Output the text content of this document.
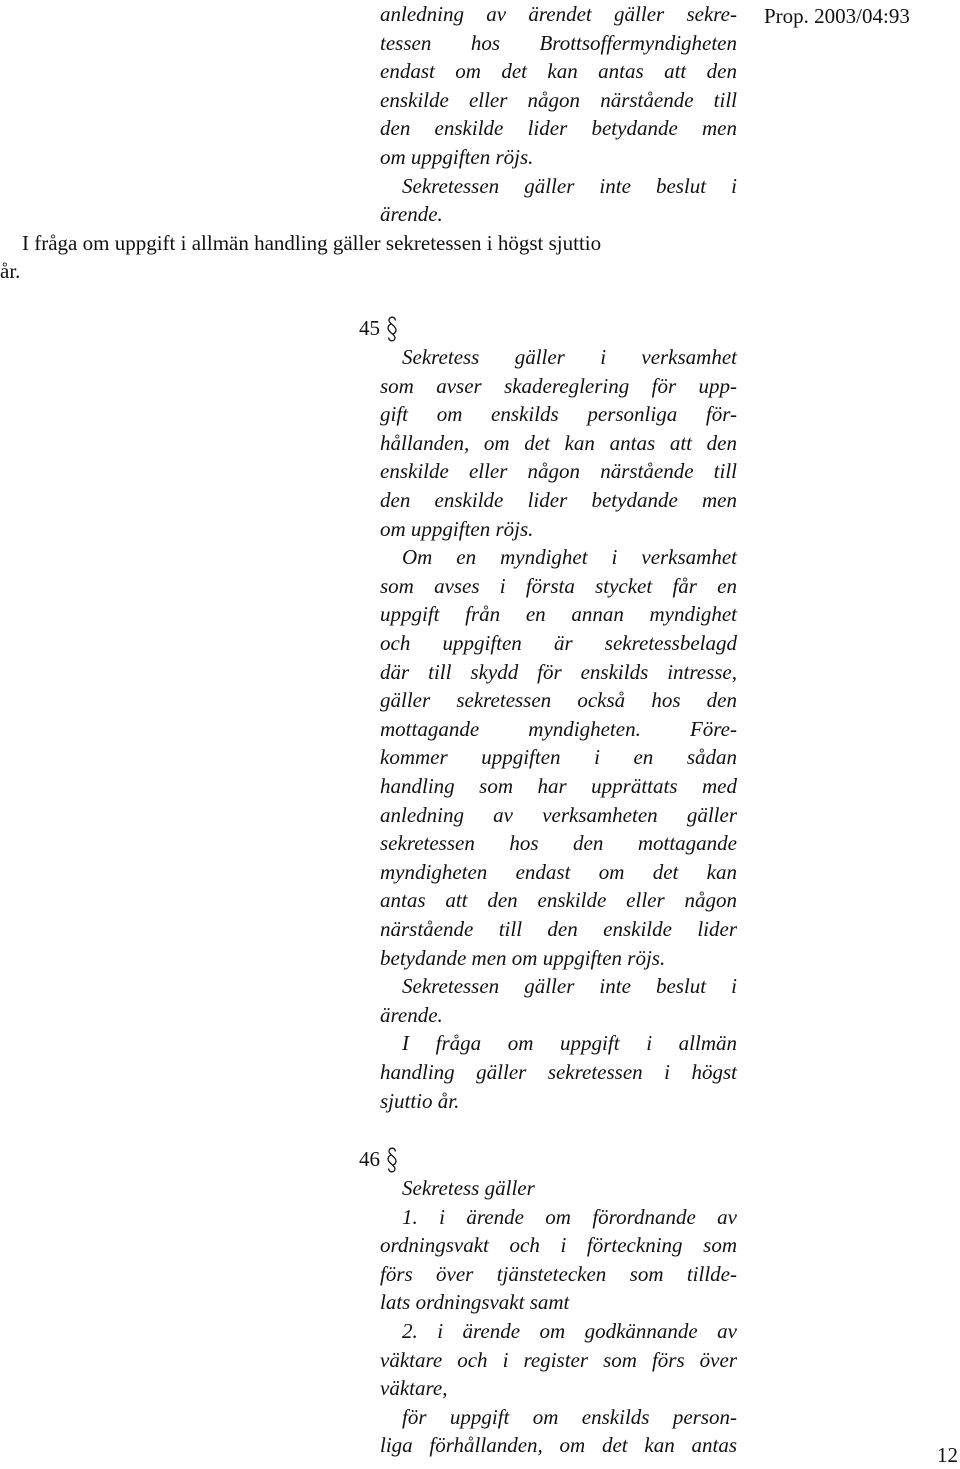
Prop. 2003/04:93
anledning av ärendet gäller sekre-
tessen hos Brottsoffermyndigheten
endast om det kan antas att den
enskilde eller någon närstående till
den enskilde lider betydande men
om uppgiften röjs.
Sekretessen gäller inte beslut i
ärende.
I fråga om uppgift i allmän handling gäller sekretessen i högst sjuttio
år.
45
Sekretess gäller i verksamhet
som avser skadereglering för upp-
gift om enskilds personliga för-
hållanden, om det kan antas att den
enskilde eller någon närstående till
den enskilde lider betydande men
om uppgiften röjs.
Om en myndighet i verksamhet
som avses i första stycket får en
uppgift från en annan myndighet
och uppgiften är sekretessbelagd
där till skydd för enskilds intresse,
gäller sekretessen också hos den
mottagande myndigheten. Före-
kommer uppgiften i en sådan
handling som har upprättats med
anledning av verksamheten gäller
sekretessen hos den mottagande
myndigheten endast om det kan
antas att den enskilde eller någon
närstående till den enskilde lider
betydande men om uppgiften röjs.
Sekretessen gäller inte beslut i
ärende.
I fråga om uppgift i allmän
handling gäller sekretessen i högst
sjuttio år.
46
Sekretess gäller
1. i ärende om förordnande av
ordningsvakt och i förteckning som
förs över tjänstetecken som tillde-
lats ordningsvakt samt
2. i ärende om godkännande av
väktare och i register som förs över
väktare,
för uppgift om enskilds person-
liga förhållanden, om det kan antas	12
